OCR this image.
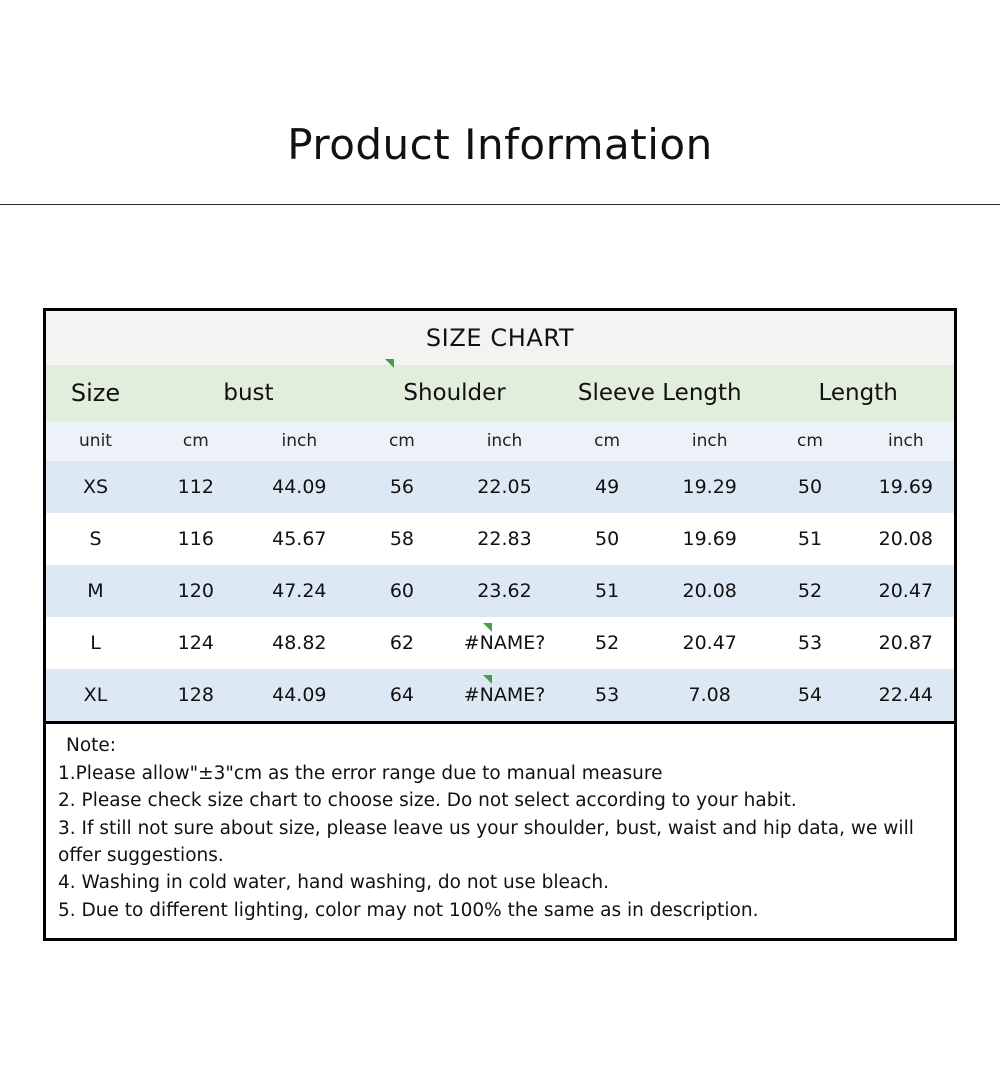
Product Information
SIZE CHART								
Size	bust		Shoulder		Sleeve Length		Length	
unit	cm	inch	cm	inch	cm	inch	cm	inch
XS	112	44.09	56	22.05	49	19.29	50	19.69
S	116	45.67	58	22.83	50	19.69	51	20.08
M	120	47.24	60	23.62	51	20.08	52	20.47
L	124	48.82	62	#NAME?	52	20.47	53	20.87
XL	128	44.09	64	#NAME?	53	7.08	54	22.44
Note:
1.Please allow"±3"cm as the error range due to manual measure
2. Please check size chart to choose size. Do not select according to your habit.
3. If still not sure about size, please leave us your shoulder, bust, waist and hip data, we will offer suggestions.
4. Washing in cold water, hand washing, do not use bleach.
5. Due to different lighting, color may not 100% the same as in description.
